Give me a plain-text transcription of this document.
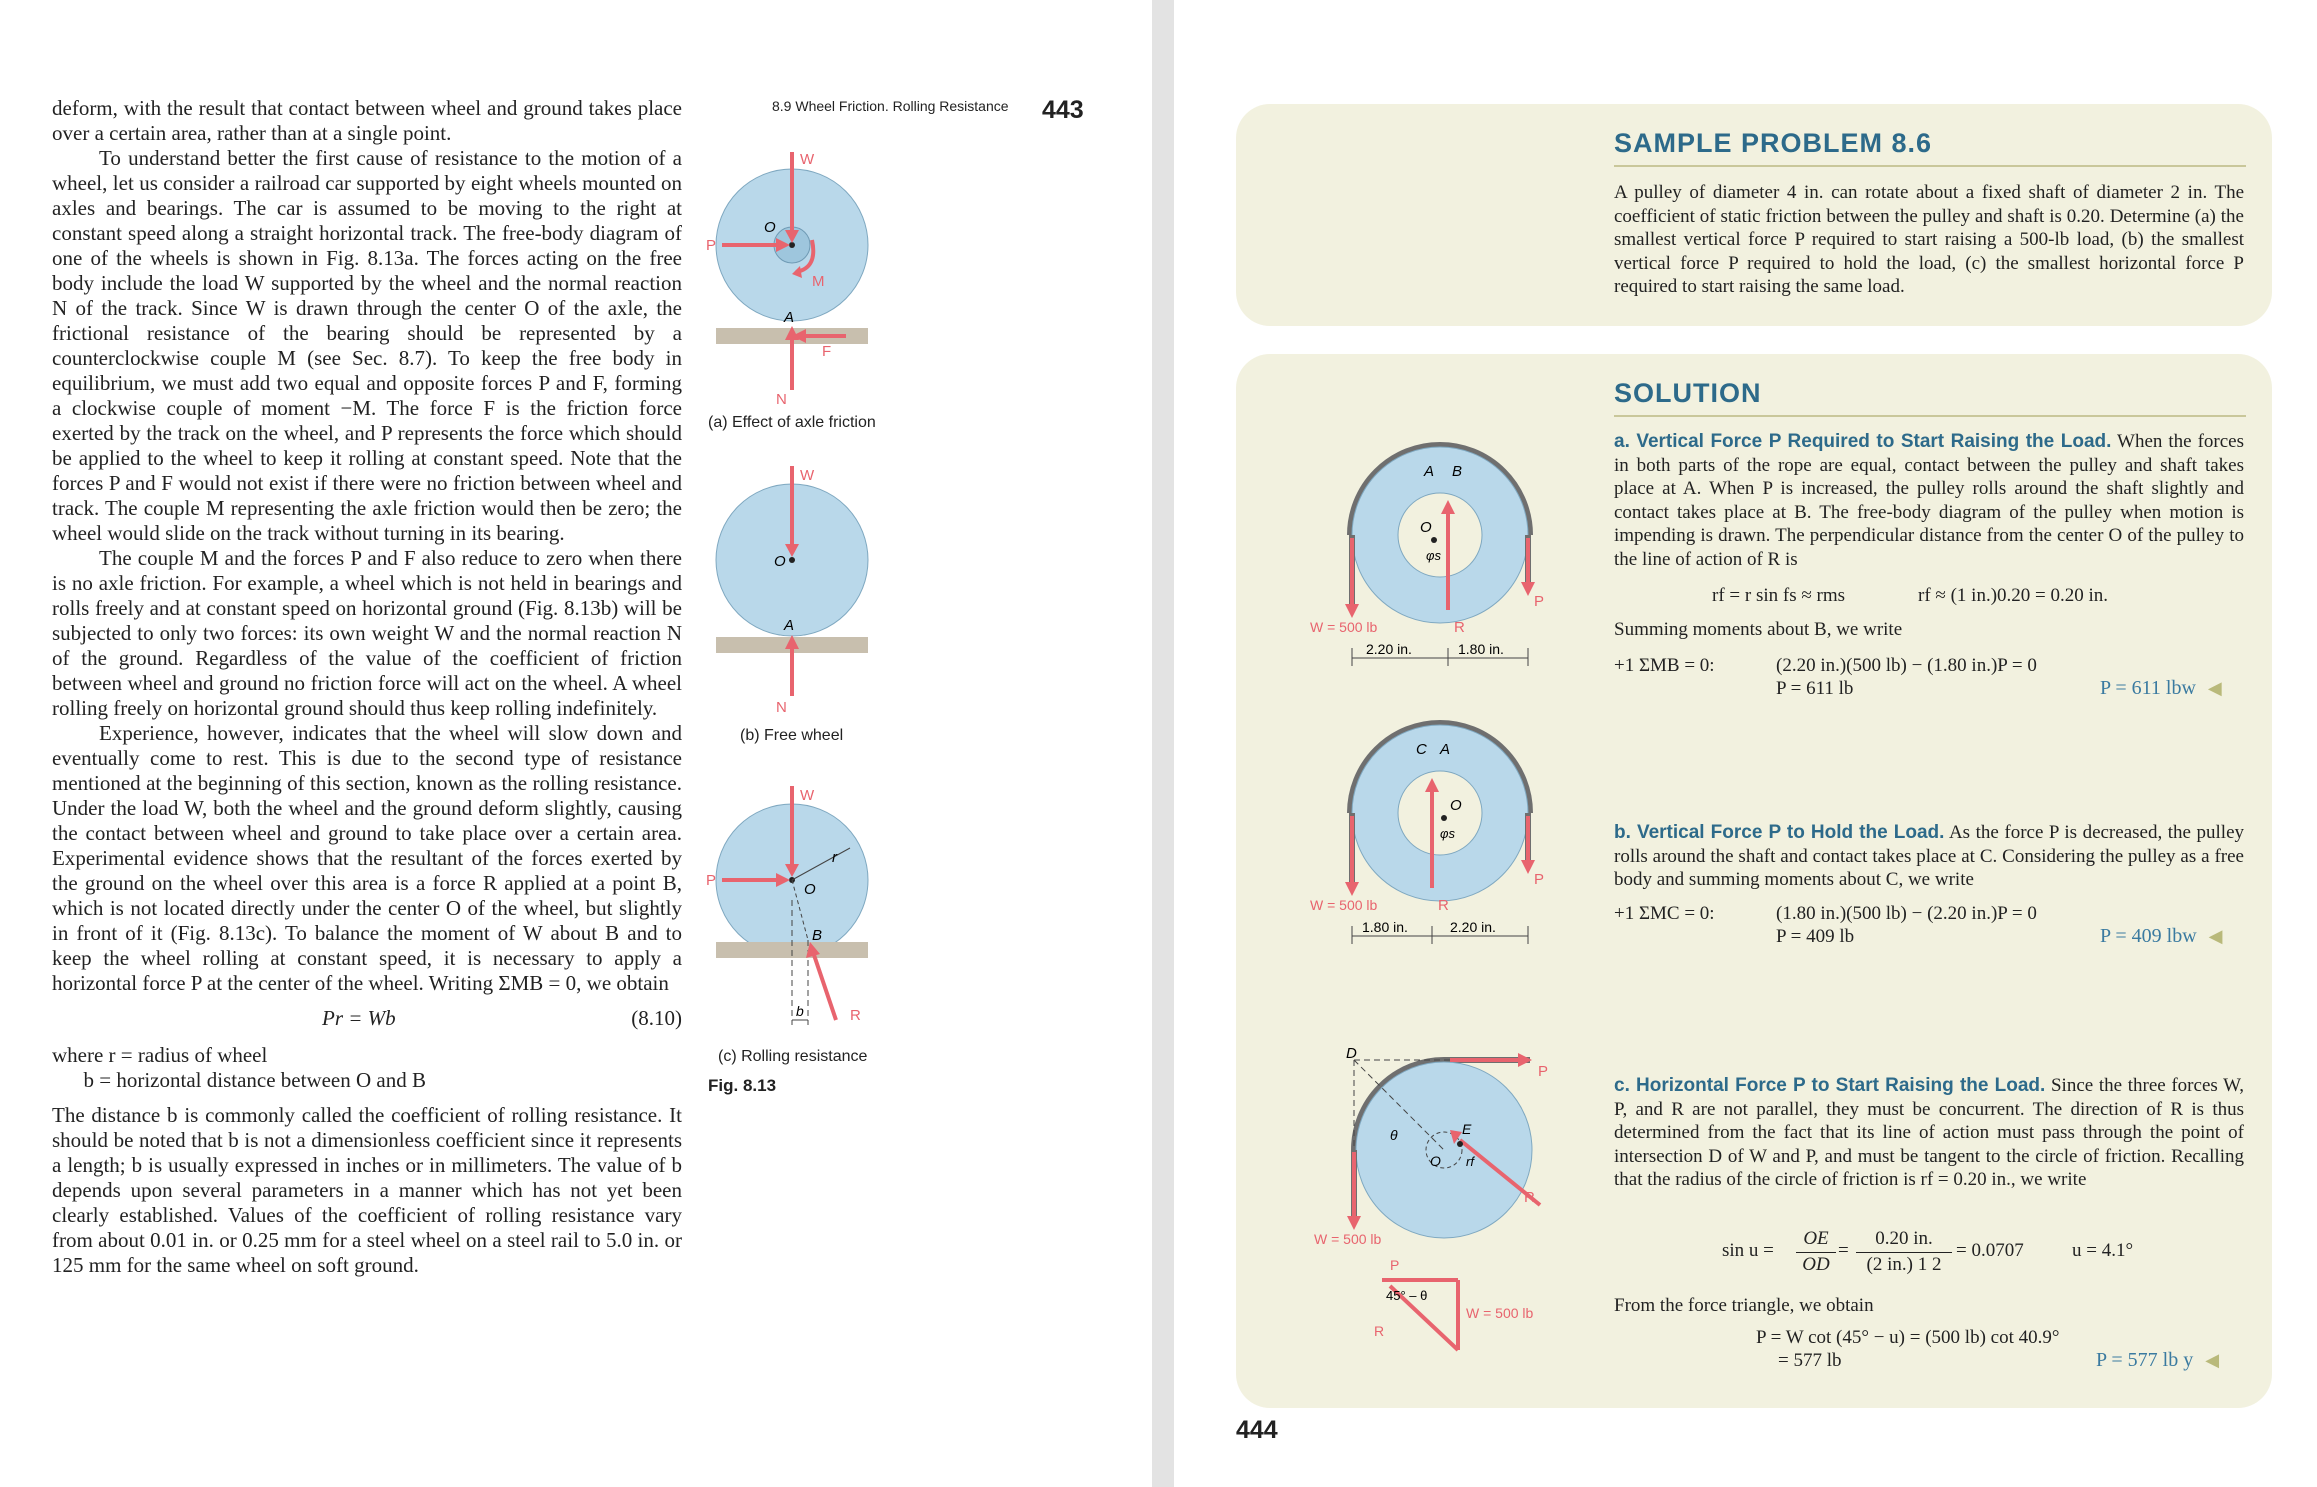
8.9 Wheel Friction. Rolling Resistance 443

deform, with the result that contact between wheel and ground takes place over a certain area, rather than at a single point.

To understand better the first cause of resistance to the motion of a wheel, let us consider a railroad car supported by eight wheels mounted on axles and bearings. The car is assumed to be moving to the right at constant speed along a straight horizontal track. The free-body diagram of one of the wheels is shown in Fig. 8.13a. The forces acting on the free body include the load W supported by the wheel and the normal reaction N of the track. Since W is drawn through the center O of the axle, the frictional resistance of the bearing should be represented by a counterclockwise couple M (see Sec. 8.7). To keep the free body in equilibrium, we must add two equal and opposite forces P and F, forming a clockwise couple of moment −M. The force F is the friction force exerted by the track on the wheel, and P represents the force which should be applied to the wheel to keep it rolling at constant speed. Note that the forces P and F would not exist if there were no friction between wheel and track. The couple M representing the axle friction would then be zero; the wheel would slide on the track without turning in its bearing.

The couple M and the forces P and F also reduce to zero when there is no axle friction. For example, a wheel which is not held in bearings and rolls freely and at constant speed on horizontal ground (Fig. 8.13b) will be subjected to only two forces: its own weight W and the normal reaction N of the ground. Regardless of the value of the coefficient of friction between wheel and ground no friction force will act on the wheel. A wheel rolling freely on horizontal ground should thus keep rolling indefinitely.

Experience, however, indicates that the wheel will slow down and eventually come to rest. This is due to the second type of resistance mentioned at the beginning of this section, known as the rolling resistance. Under the load W, both the wheel and the ground deform slightly, causing the contact between wheel and ground to take place over a certain area. Experimental evidence shows that the resultant of the forces exerted by the ground on the wheel over this area is a force R applied at a point B, which is not located directly under the center O of the wheel, but slightly in front of it (Fig. 8.13c). To balance the moment of W about B and to keep the wheel rolling at constant speed, it is necessary to apply a horizontal force P at the center of the wheel. Writing ΣMB = 0, we obtain

Pr = Wb	(8.10)
where r = radius of wheel
b = horizontal distance between O and B

The distance b is commonly called the coefficient of rolling resistance. It should be noted that b is not a dimensionless coefficient since it represents a length; b is usually expressed in inches or in millimeters. The value of b depends upon several parameters in a manner which has not yet been clearly established. Values of the coefficient of rolling resistance vary from about 0.01 in. or 0.25 mm for a steel wheel on a steel rail to 5.0 in. or 125 mm for the same wheel on soft ground.

W
P
O
M
A
F
N
W
O
A
N
W
P
O
r
B
b	R
(a) Effect of axle friction
(b) Free wheel
(c) Rolling resistance
Fig. 8.13
SAMPLE PROBLEM 8.6
A pulley of diameter 4 in. can rotate about a fixed shaft of diameter 2 in. The coefficient of static friction between the pulley and shaft is 0.20. Determine (a) the smallest vertical force P required to start raising a 500-lb load, (b) the smallest vertical force P required to hold the load, (c) the smallest horizontal force P required to start raising the same load.
SOLUTION
a. Vertical Force P Required to Start Raising the Load. When the forces in both parts of the rope are equal, contact between the pulley and shaft takes place at A. When P is increased, the pulley rolls around the shaft slightly and contact takes place at B. The free-body diagram of the pulley when motion is impending is drawn. The perpendicular distance from the center O of the pulley to the line of action of R is
rf = r sin fs ≈ rms	rf ≈ (1 in.)0.20 = 0.20 in.
Summing moments about B, we write
+1 ΣMB = 0:	(2.20 in.)(500 lb) − (1.80 in.)P = 0
P = 611 lb	P = 611 lbw ◀
b. Vertical Force P to Hold the Load. As the force P is decreased, the pulley rolls around the shaft and contact takes place at C. Considering the pulley as a free body and summing moments about C, we write
+1 ΣMC = 0:	(1.80 in.)(500 lb) − (2.20 in.)P = 0
P = 409 lb	P = 409 lbw ◀
c. Horizontal Force P to Start Raising the Load. Since the three forces W, P, and R are not parallel, they must be concurrent. The direction of R is thus determined from the fact that its line of action must pass through the point of intersection D of W and P, and must be tangent to the circle of friction. Recalling that the radius of the circle of friction is rf = 0.20 in., we write
sin u =
OE
OD
=
0.20 in.
(2 in.) 1 2
= 0.0707	u = 4.1°
From the force triangle, we obtain
P = W cot (45° − u) = (500 lb) cot 40.9°
= 577 lb	P = 577 lb y ◀
444
A B
O
φs
W = 500 lb	R
P
2.20 in.	1.80 in.
C A
O
φs
W = 500 lb	R
P
1.80 in.	2.20 in.
D
P
θ
O
E
rf
R
W = 500 lb
P
45° – θ
W = 500 lb
R
